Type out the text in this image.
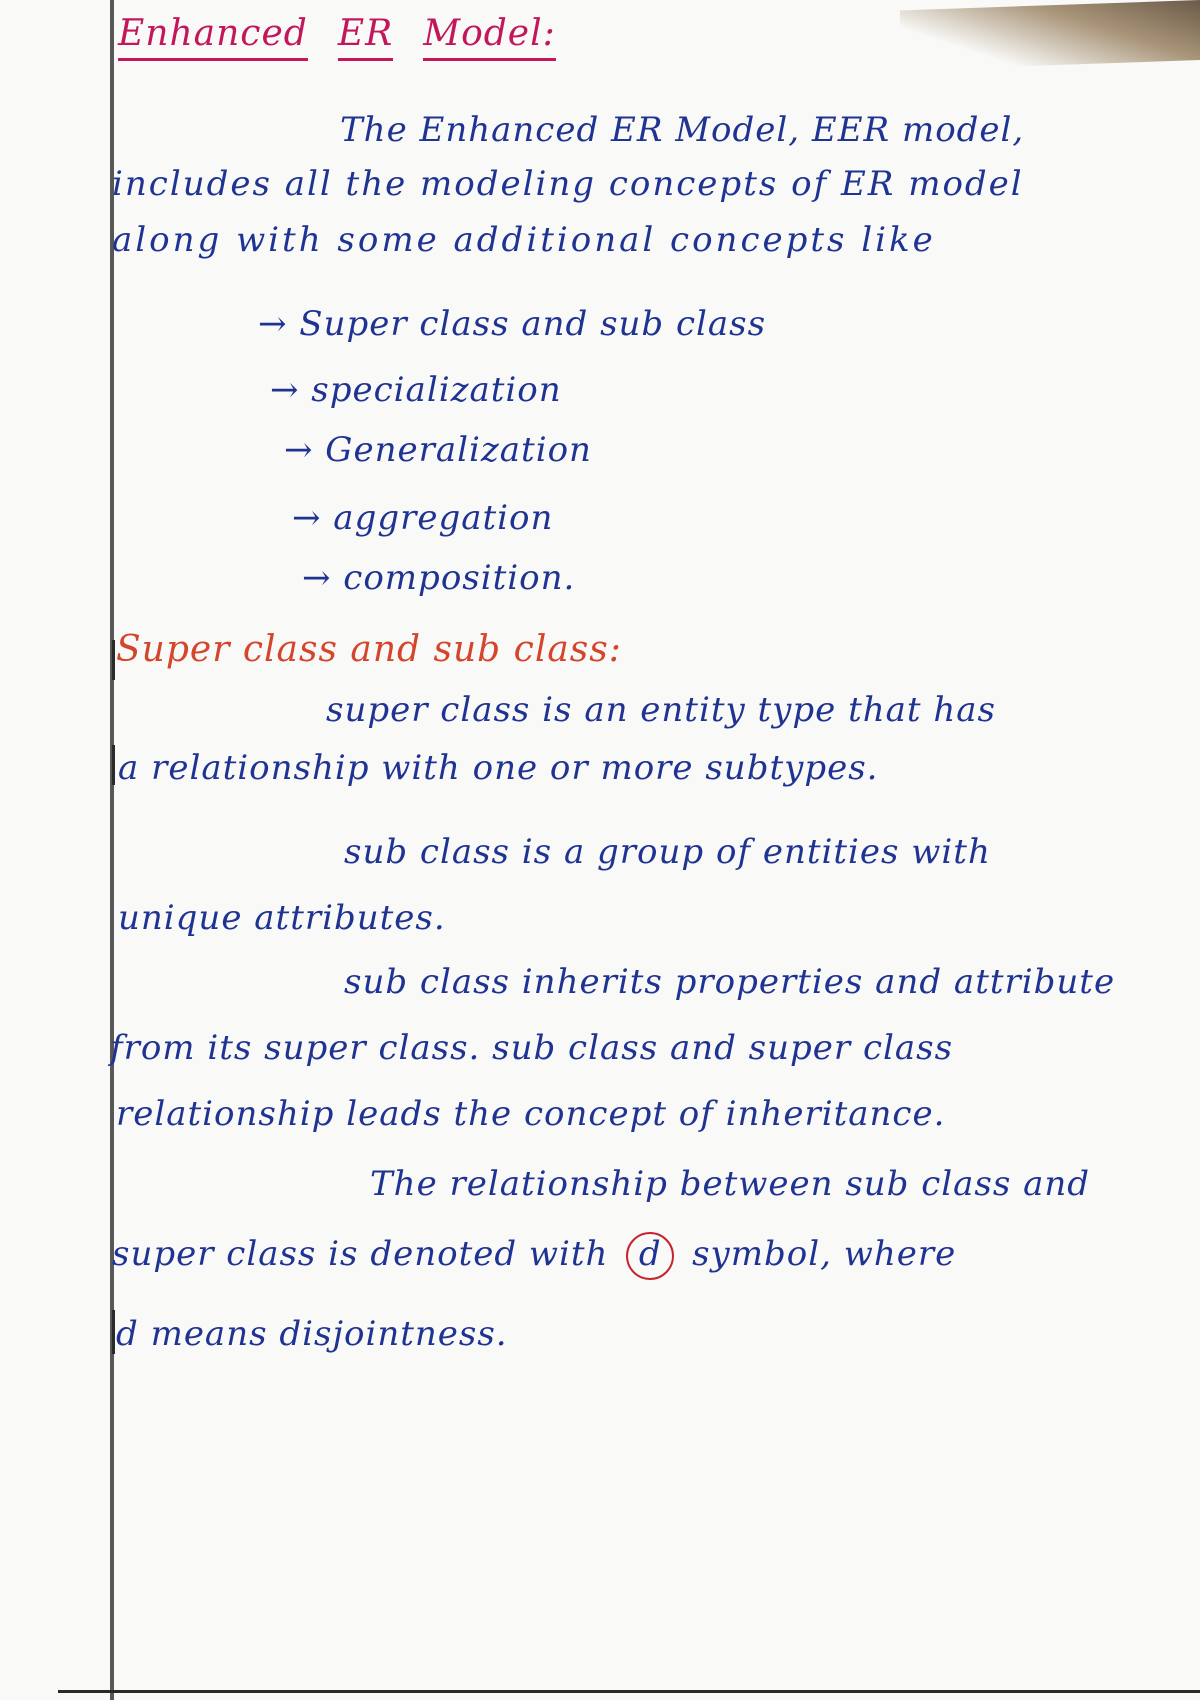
Enhanced ER Model:
The Enhanced ER Model, EER model,
includes all the modeling concepts of ER model
along with some additional concepts like
→ Super class and sub class
→ specialization
→ Generalization
→ aggregation
→ composition.
Super class and sub class:
super class is an entity type that has
a relationship with one or more subtypes.
sub class is a group of entities with
unique attributes.
sub class inherits properties and attribute
from its super class. sub class and super class
relationship leads the concept of inheritance.
The relationship between sub class and
super class is denoted with d symbol, where
d means disjointness.
